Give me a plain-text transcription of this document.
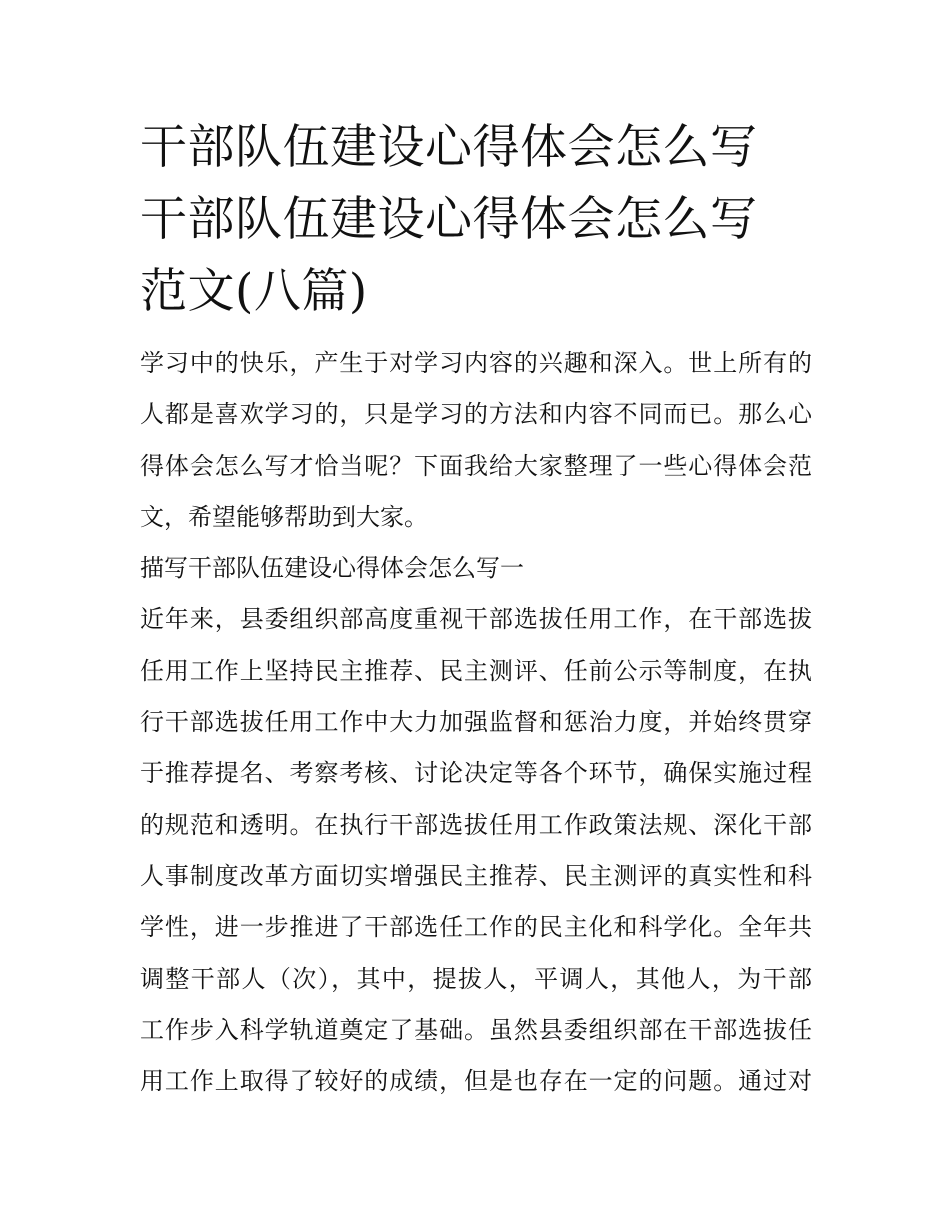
干部队伍建设心得体会怎么写
干部队伍建设心得体会怎么写
范文(八篇)
学习中的快乐，产生于对学习内容的兴趣和深入。世上所有的
人都是喜欢学习的，只是学习的方法和内容不同而已。那么心
得体会怎么写才恰当呢？下面我给大家整理了一些心得体会范
文，希望能够帮助到大家。
描写干部队伍建设心得体会怎么写一
近年来，县委组织部高度重视干部选拔任用工作，在干部选拔
任用工作上坚持民主推荐、民主测评、任前公示等制度，在执
行干部选拔任用工作中大力加强监督和惩治力度，并始终贯穿
于推荐提名、考察考核、讨论决定等各个环节，确保实施过程
的规范和透明。在执行干部选拔任用工作政策法规、深化干部
人事制度改革方面切实增强民主推荐、民主测评的真实性和科
学性，进一步推进了干部选任工作的民主化和科学化。全年共
调整干部人（次），其中，提拔人，平调人，其他人，为干部
工作步入科学轨道奠定了基础。虽然县委组织部在干部选拔任
用工作上取得了较好的成绩，但是也存在一定的问题。通过对
